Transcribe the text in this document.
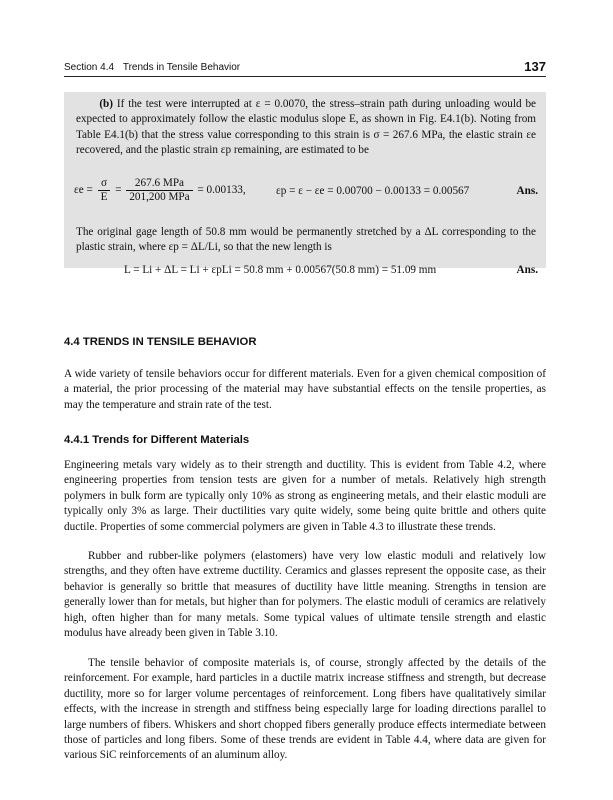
Section 4.4 Trends in Tensile Behavior	137
(b) If the test were interrupted at ε = 0.0070, the stress–strain path during unloading would be expected to approximately follow the elastic modulus slope E, as shown in Fig. E4.1(b). Noting from Table E4.1(b) that the stress value corresponding to this strain is σ = 267.6 MPa, the elastic strain εe recovered, and the plastic strain εp remaining, are estimated to be
$\varepsilon e = \frac{\sigma}{E} = \frac{\text{267.6 MPa}}{\text{201,200 MPa}} = 0.00133$,	εp = ε − εe = 0.00700 − 0.00133 = 0.00567	Ans.
The original gage length of 50.8 mm would be permanently stretched by a ΔL corresponding to the plastic strain, where εp = ΔL/Li, so that the new length is
L = Li + ΔL = Li + εpLi = 50.8 mm + 0.00567(50.8 mm) = 51.09 mm	Ans.
4.4 TRENDS IN TENSILE BEHAVIOR
A wide variety of tensile behaviors occur for different materials. Even for a given chemical composition of a material, the prior processing of the material may have substantial effects on the tensile properties, as may the temperature and strain rate of the test.
4.4.1 Trends for Different Materials
Engineering metals vary widely as to their strength and ductility. This is evident from Table 4.2, where engineering properties from tension tests are given for a number of metals. Relatively high strength polymers in bulk form are typically only 10% as strong as engineering metals, and their elastic moduli are typically only 3% as large. Their ductilities vary quite widely, some being quite brittle and others quite ductile. Properties of some commercial polymers are given in Table 4.3 to illustrate these trends.
Rubber and rubber-like polymers (elastomers) have very low elastic moduli and relatively low strengths, and they often have extreme ductility. Ceramics and glasses represent the opposite case, as their behavior is generally so brittle that measures of ductility have little meaning. Strengths in tension are generally lower than for metals, but higher than for polymers. The elastic moduli of ceramics are relatively high, often higher than for many metals. Some typical values of ultimate tensile strength and elastic modulus have already been given in Table 3.10.
The tensile behavior of composite materials is, of course, strongly affected by the details of the reinforcement. For example, hard particles in a ductile matrix increase stiffness and strength, but decrease ductility, more so for larger volume percentages of reinforcement. Long fibers have qualitatively similar effects, with the increase in strength and stiffness being especially large for loading directions parallel to large numbers of fibers. Whiskers and short chopped fibers generally produce effects intermediate between those of particles and long fibers. Some of these trends are evident in Table 4.4, where data are given for various SiC reinforcements of an aluminum alloy.
